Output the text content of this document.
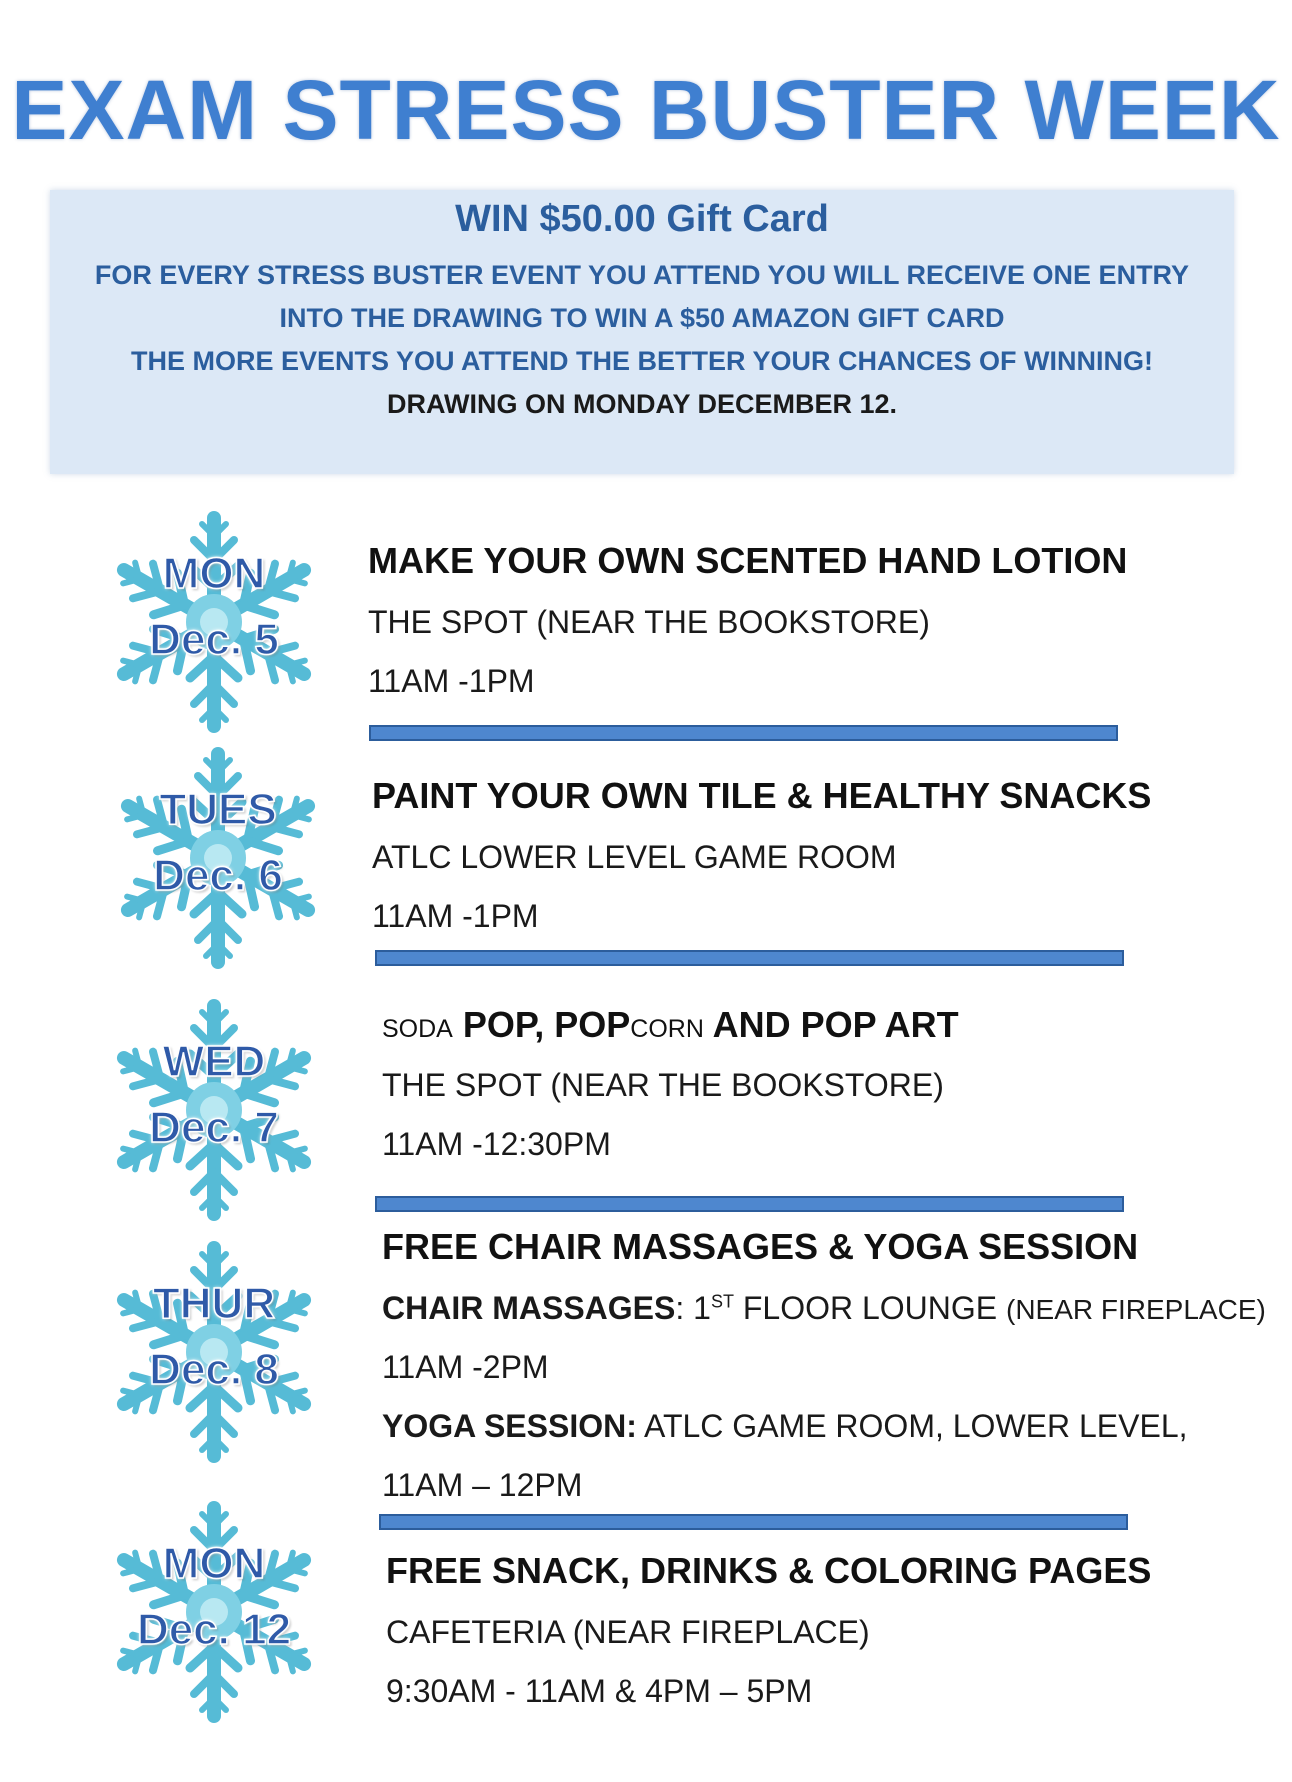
EXAM STRESS BUSTER WEEK
WIN $50.00 Gift Card
FOR EVERY STRESS BUSTER EVENT YOU ATTEND YOU WILL RECEIVE ONE ENTRY
INTO THE DRAWING TO WIN A $50 AMAZON GIFT CARD
THE MORE EVENTS YOU ATTEND THE BETTER YOUR CHANCES OF WINNING!
DRAWING ON MONDAY DECEMBER 12.
MON
Dec. 5
MAKE YOUR OWN SCENTED HAND LOTION
THE SPOT (NEAR THE BOOKSTORE)
11AM -1PM
TUES
Dec. 6
PAINT YOUR OWN TILE & HEALTHY SNACKS
ATLC LOWER LEVEL GAME ROOM
11AM -1PM
WED
Dec. 7
SODA POP, POPCORN AND POP ART
THE SPOT (NEAR THE BOOKSTORE)
11AM -12:30PM
THUR
Dec. 8
FREE CHAIR MASSAGES & YOGA SESSION
CHAIR MASSAGES: 1ST FLOOR LOUNGE (NEAR FIREPLACE)
11AM -2PM
YOGA SESSION: ATLC GAME ROOM, LOWER LEVEL,
11AM – 12PM
MON
Dec. 12
FREE SNACK, DRINKS & COLORING PAGES
CAFETERIA (NEAR FIREPLACE)
9:30AM - 11AM & 4PM – 5PM
